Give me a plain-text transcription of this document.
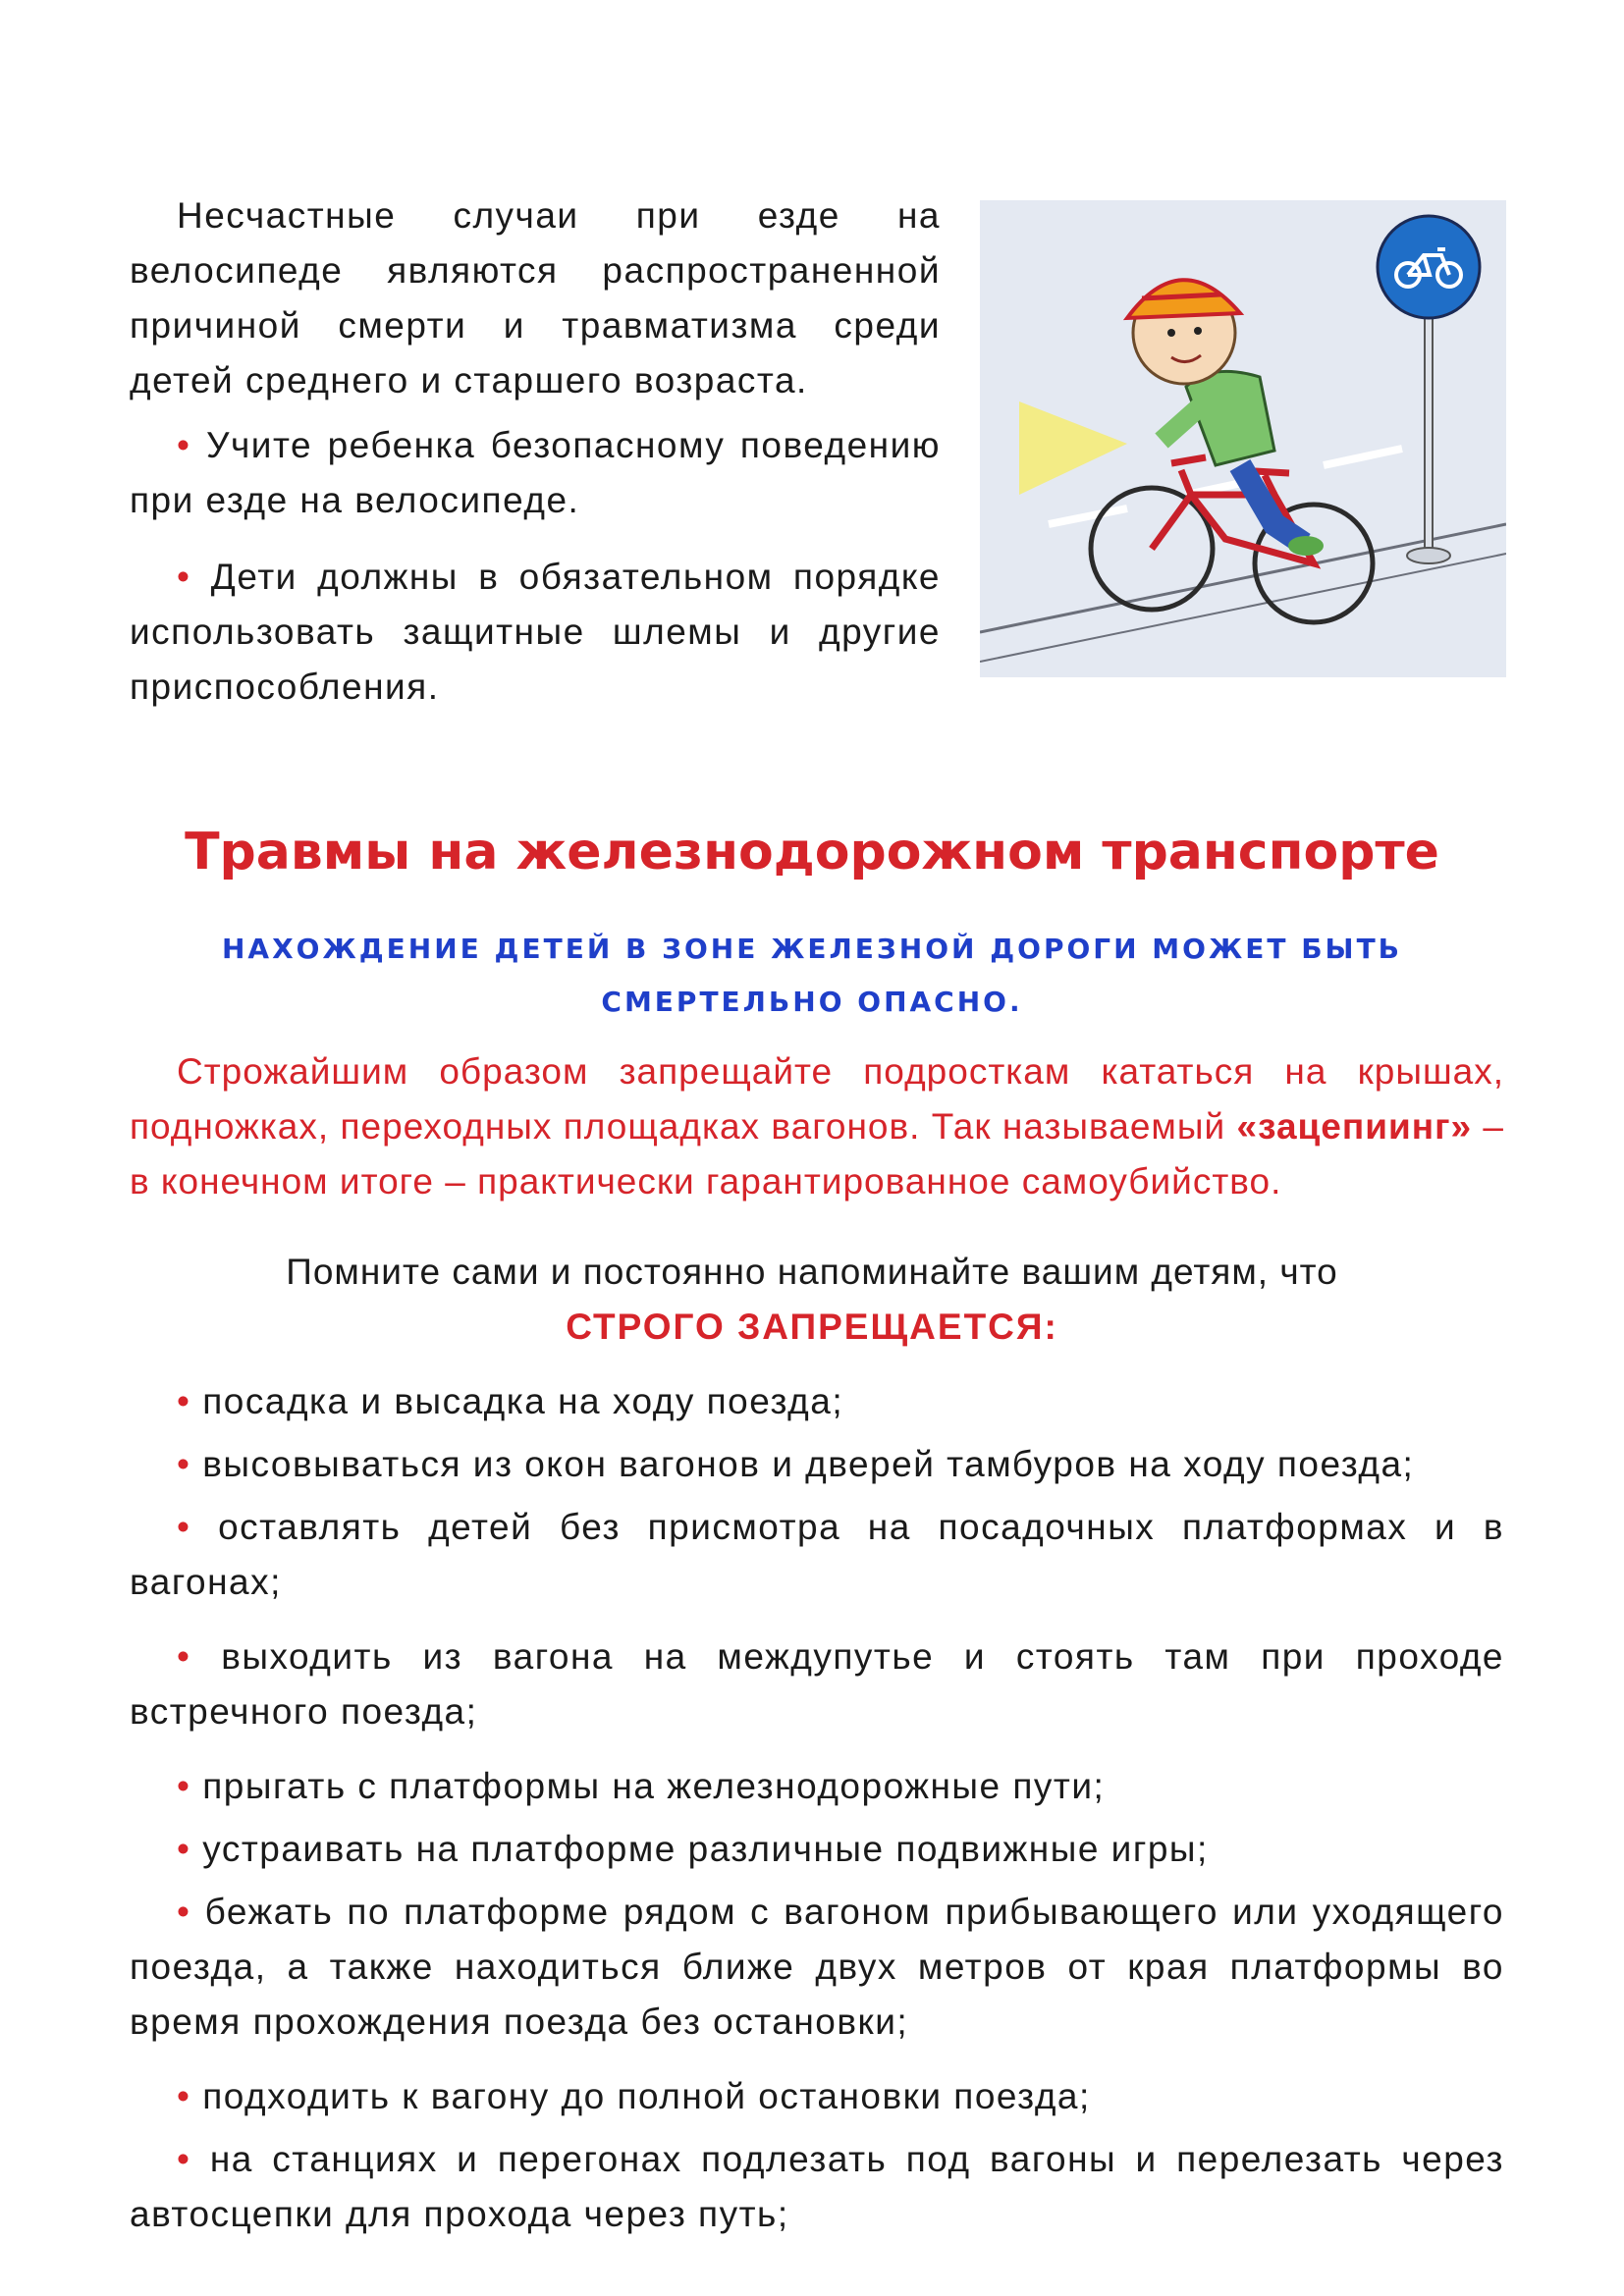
Несчастные случаи при езде на велосипеде являются распространенной причиной смерти и травматизма среди детей среднего и старшего возраста.

• Учите ребенка безопасному поведению при езде на велосипеде.

• Дети должны в обязательном порядке использовать защитные шлемы и другие приспособления.

Травмы на железнодорожном транспорте
НАХОЖДЕНИЕ ДЕТЕЙ В ЗОНЕ ЖЕЛЕЗНОЙ ДОРОГИ МОЖЕТ БЫТЬ СМЕРТЕЛЬНО ОПАСНО.

Строжайшим образом запрещайте подросткам кататься на крышах, подножках, переходных площадках вагонов. Так называемый «зацепиинг» – в конечном итоге – практически гарантированное самоубийство.

Помните сами и постоянно напоминайте вашим детям, что
СТРОГО ЗАПРЕЩАЕТСЯ:

• посадка и высадка на ходу поезда;

• высовываться из окон вагонов и дверей тамбуров на ходу поезда;

• оставлять детей без присмотра на посадочных платформах и в вагонах;

• выходить из вагона на междупутье и стоять там при проходе встречного поезда;

• прыгать с платформы на железнодорожные пути;

• устраивать на платформе различные подвижные игры;

• бежать по платформе рядом с вагоном прибывающего или уходящего поезда, а также находиться ближе двух метров от края платформы во время прохождения поезда без остановки;

• подходить к вагону до полной остановки поезда;

• на станциях и перегонах подлезать под вагоны и перелезать через автосцепки для прохода через путь;
